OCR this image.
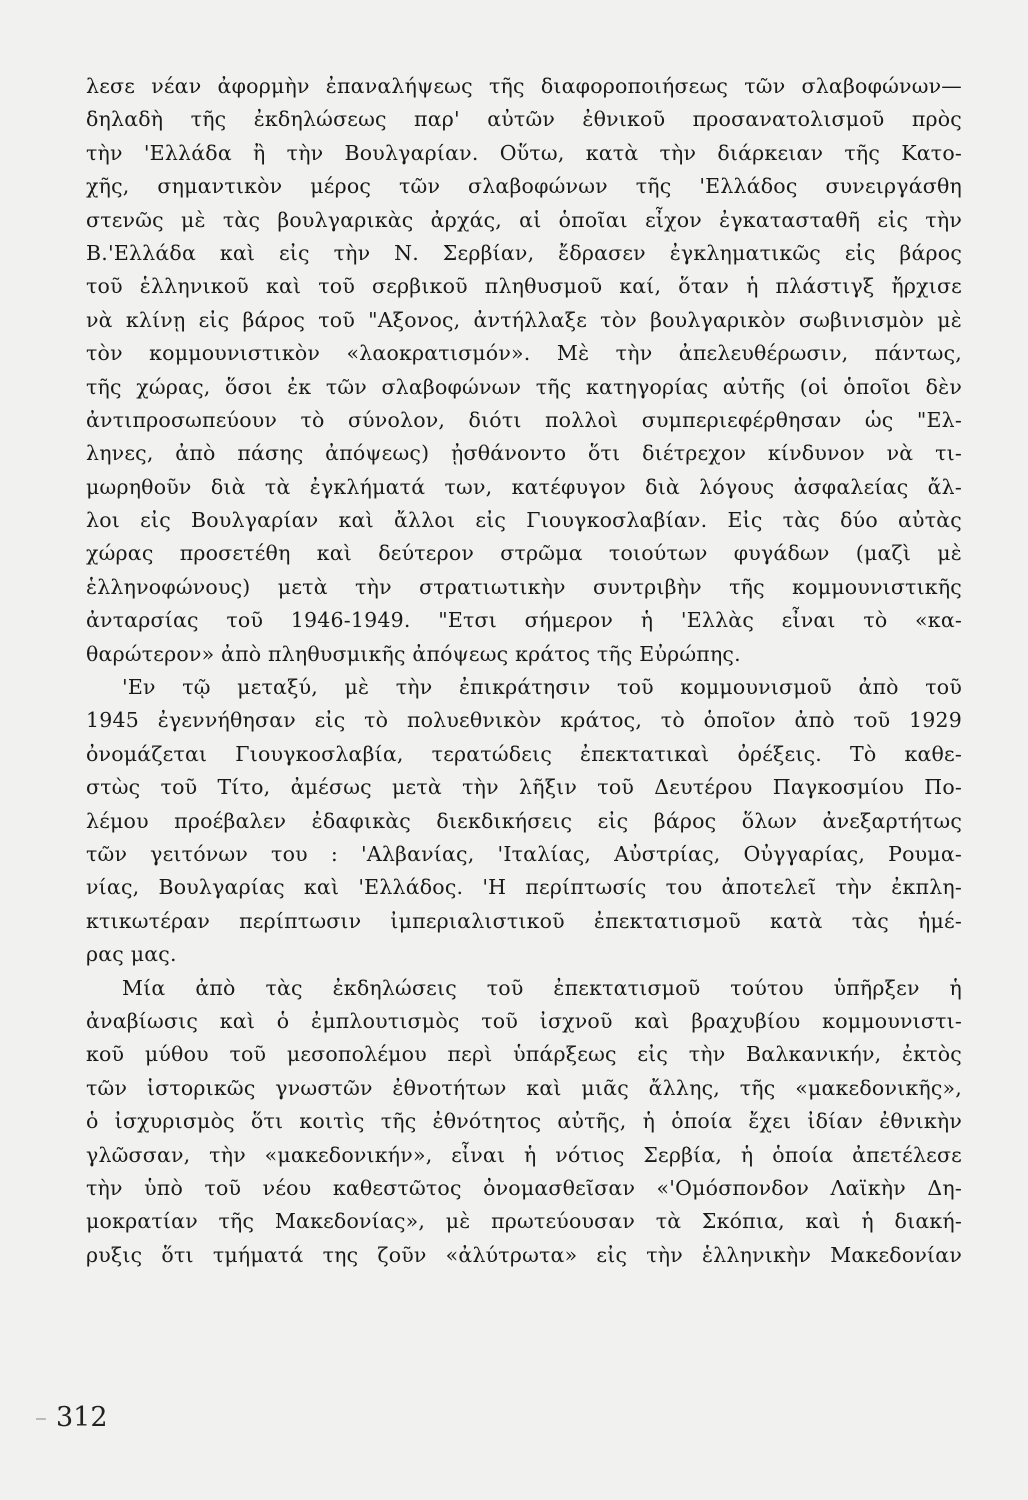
λεσε νέαν ἀφορμὴν ἐπαναλήψεως τῆς διαφοροποιήσεως τῶν σλαβοφώνων—
δηλαδὴ τῆς ἐκδηλώσεως παρ' αὐτῶν ἐθνικοῦ προσανατολισμοῦ πρὸς
τὴν 'Ελλάδα ἢ τὴν Βουλγαρίαν. Οὕτω, κατὰ τὴν διάρκειαν τῆς Κατο-
χῆς, σημαντικὸν μέρος τῶν σλαβοφώνων τῆς 'Ελλάδος συνειργάσθη
στενῶς μὲ τὰς βουλγαρικὰς ἀρχάς, αἱ ὁποῖαι εἶχον ἐγκατασταθῆ εἰς τὴν
Β.'Ελλάδα καὶ εἰς τὴν Ν. Σερβίαν, ἔδρασεν ἐγκληματικῶς εἰς βάρος
τοῦ ἑλληνικοῦ καὶ τοῦ σερβικοῦ πληθυσμοῦ καί, ὅταν ἡ πλάστιγξ ἤρχισε
νὰ κλίνῃ εἰς βάρος τοῦ "Αξονος, ἀντήλλαξε τὸν βουλγαρικὸν σωβινισμὸν μὲ
τὸν κομμουνιστικὸν «λαοκρατισμόν». Μὲ τὴν ἀπελευθέρωσιν, πάντως,
τῆς χώρας, ὅσοι ἐκ τῶν σλαβοφώνων τῆς κατηγορίας αὐτῆς (οἱ ὁποῖοι δὲν
ἀντιπροσωπεύουν τὸ σύνολον, διότι πολλοὶ συμπεριεφέρθησαν ὡς "Ελ-
ληνες, ἀπὸ πάσης ἀπόψεως) ᾐσθάνοντο ὅτι διέτρεχον κίνδυνον νὰ τι-
μωρηθοῦν διὰ τὰ ἐγκλήματά των, κατέφυγον διὰ λόγους ἀσφαλείας ἄλ-
λοι εἰς Βουλγαρίαν καὶ ἄλλοι εἰς Γιουγκοσλαβίαν. Εἰς τὰς δύο αὐτὰς
χώρας προσετέθη καὶ δεύτερον στρῶμα τοιούτων φυγάδων (μαζὶ μὲ
ἑλληνοφώνους) μετὰ τὴν στρατιωτικὴν συντριβὴν τῆς κομμουνιστικῆς
ἀνταρσίας τοῦ 1946-1949. "Ετσι σήμερον ἡ 'Ελλὰς εἶναι τὸ «κα-
θαρώτερον» ἀπὸ πληθυσμικῆς ἀπόψεως κράτος τῆς Εὐρώπης.
'Εν τῷ μεταξύ, μὲ τὴν ἐπικράτησιν τοῦ κομμουνισμοῦ ἀπὸ τοῦ
1945 ἐγεννήθησαν εἰς τὸ πολυεθνικὸν κράτος, τὸ ὁποῖον ἀπὸ τοῦ 1929
ὀνομάζεται Γιουγκοσλαβία, τερατώδεις ἐπεκτατικαὶ ὀρέξεις. Τὸ καθε-
στὼς τοῦ Τίτο, ἀμέσως μετὰ τὴν λῆξιν τοῦ Δευτέρου Παγκοσμίου Πο-
λέμου προέβαλεν ἐδαφικὰς διεκδικήσεις εἰς βάρος ὅλων ἀνεξαρτήτως
τῶν γειτόνων του : 'Αλβανίας, 'Ιταλίας, Αὐστρίας, Οὐγγαρίας, Ρουμα-
νίας, Βουλγαρίας καὶ 'Ελλάδος. 'Η περίπτωσίς του ἀποτελεῖ τὴν ἐκπλη-
κτικωτέραν περίπτωσιν ἰμπεριαλιστικοῦ ἐπεκτατισμοῦ κατὰ τὰς ἡμέ-
ρας μας.
Μία ἀπὸ τὰς ἐκδηλώσεις τοῦ ἐπεκτατισμοῦ τούτου ὑπῆρξεν ἡ
ἀναβίωσις καὶ ὁ ἐμπλουτισμὸς τοῦ ἰσχνοῦ καὶ βραχυβίου κομμουνιστι-
κοῦ μύθου τοῦ μεσοπολέμου περὶ ὑπάρξεως εἰς τὴν Βαλκανικήν, ἐκτὸς
τῶν ἱστορικῶς γνωστῶν ἐθνοτήτων καὶ μιᾶς ἄλλης, τῆς «μακεδονικῆς»,
ὁ ἰσχυρισμὸς ὅτι κοιτὶς τῆς ἐθνότητος αὐτῆς, ἡ ὁποία ἔχει ἰδίαν ἐθνικὴν
γλῶσσαν, τὴν «μακεδονικήν», εἶναι ἡ νότιος Σερβία, ἡ ὁποία ἀπετέλεσε
τὴν ὑπὸ τοῦ νέου καθεστῶτος ὀνομασθεῖσαν «'Ομόσπονδον Λαϊκὴν Δη-
μοκρατίαν τῆς Μακεδονίας», μὲ πρωτεύουσαν τὰ Σκόπια, καὶ ἡ διακή-
ρυξις ὅτι τμήματά της ζοῦν «ἀλύτρωτα» εἰς τὴν ἑλληνικὴν Μακεδονίαν
312
